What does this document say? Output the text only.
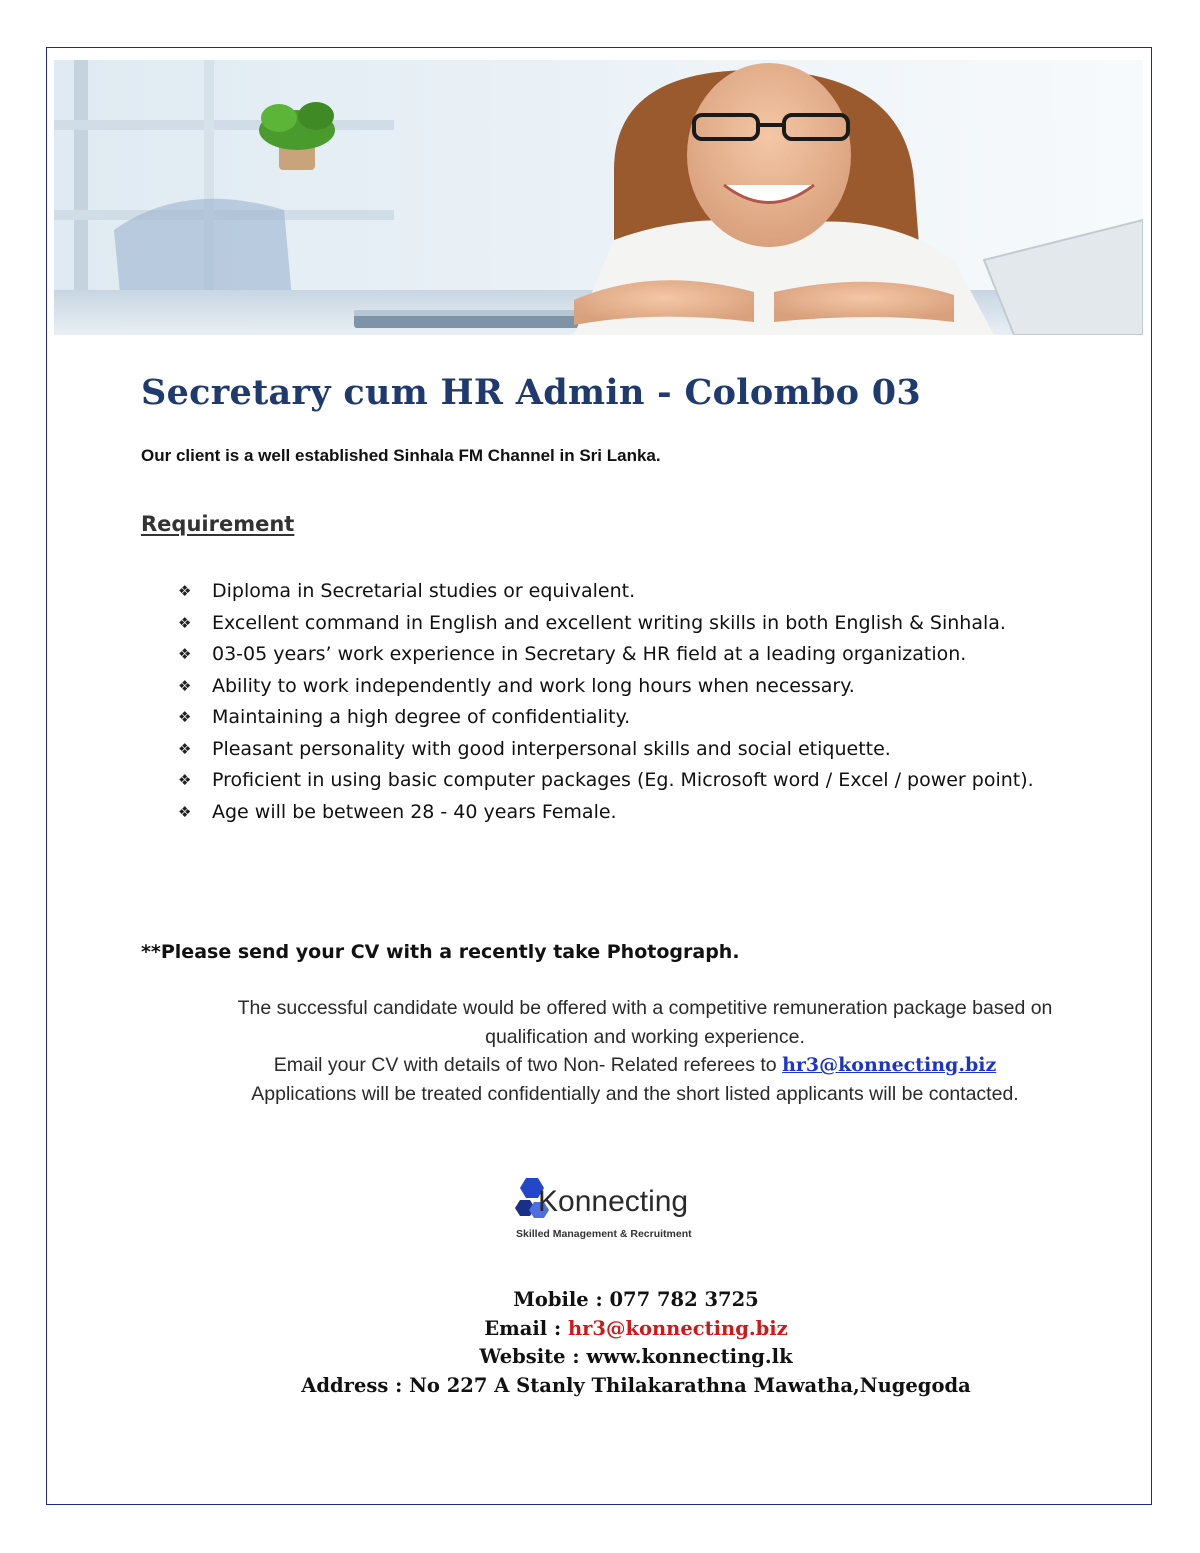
Secretary cum HR Admin - Colombo 03

Our client is a well established Sinhala FM Channel in Sri Lanka.

Requirement
❖ Diploma in Secretarial studies or equivalent.
❖ Excellent command in English and excellent writing skills in both English & Sinhala.
❖ 03-05 years’ work experience in Secretary & HR field at a leading organization.
❖ Ability to work independently and work long hours when necessary.
❖ Maintaining a high degree of confidentiality.
❖ Pleasant personality with good interpersonal skills and social etiquette.
❖ Proficient in using basic computer packages (Eg. Microsoft word / Excel / power point).
❖ Age will be between 28 - 40 years Female.

**Please send your CV with a recently take Photograph.

The successful candidate would be offered with a competitive remuneration package based on qualification and working experience.

Email your CV with details of two Non- Related referees to hr3@konnecting.biz

Applications will be treated confidentially and the short listed applicants will be contacted.

Konnecting
Skilled Management & Recruitment

Mobile : 077 782 3725

Email : hr3@konnecting.biz

Website : www.konnecting.lk

Address : No 227 A Stanly Thilakarathna Mawatha,Nugegoda
